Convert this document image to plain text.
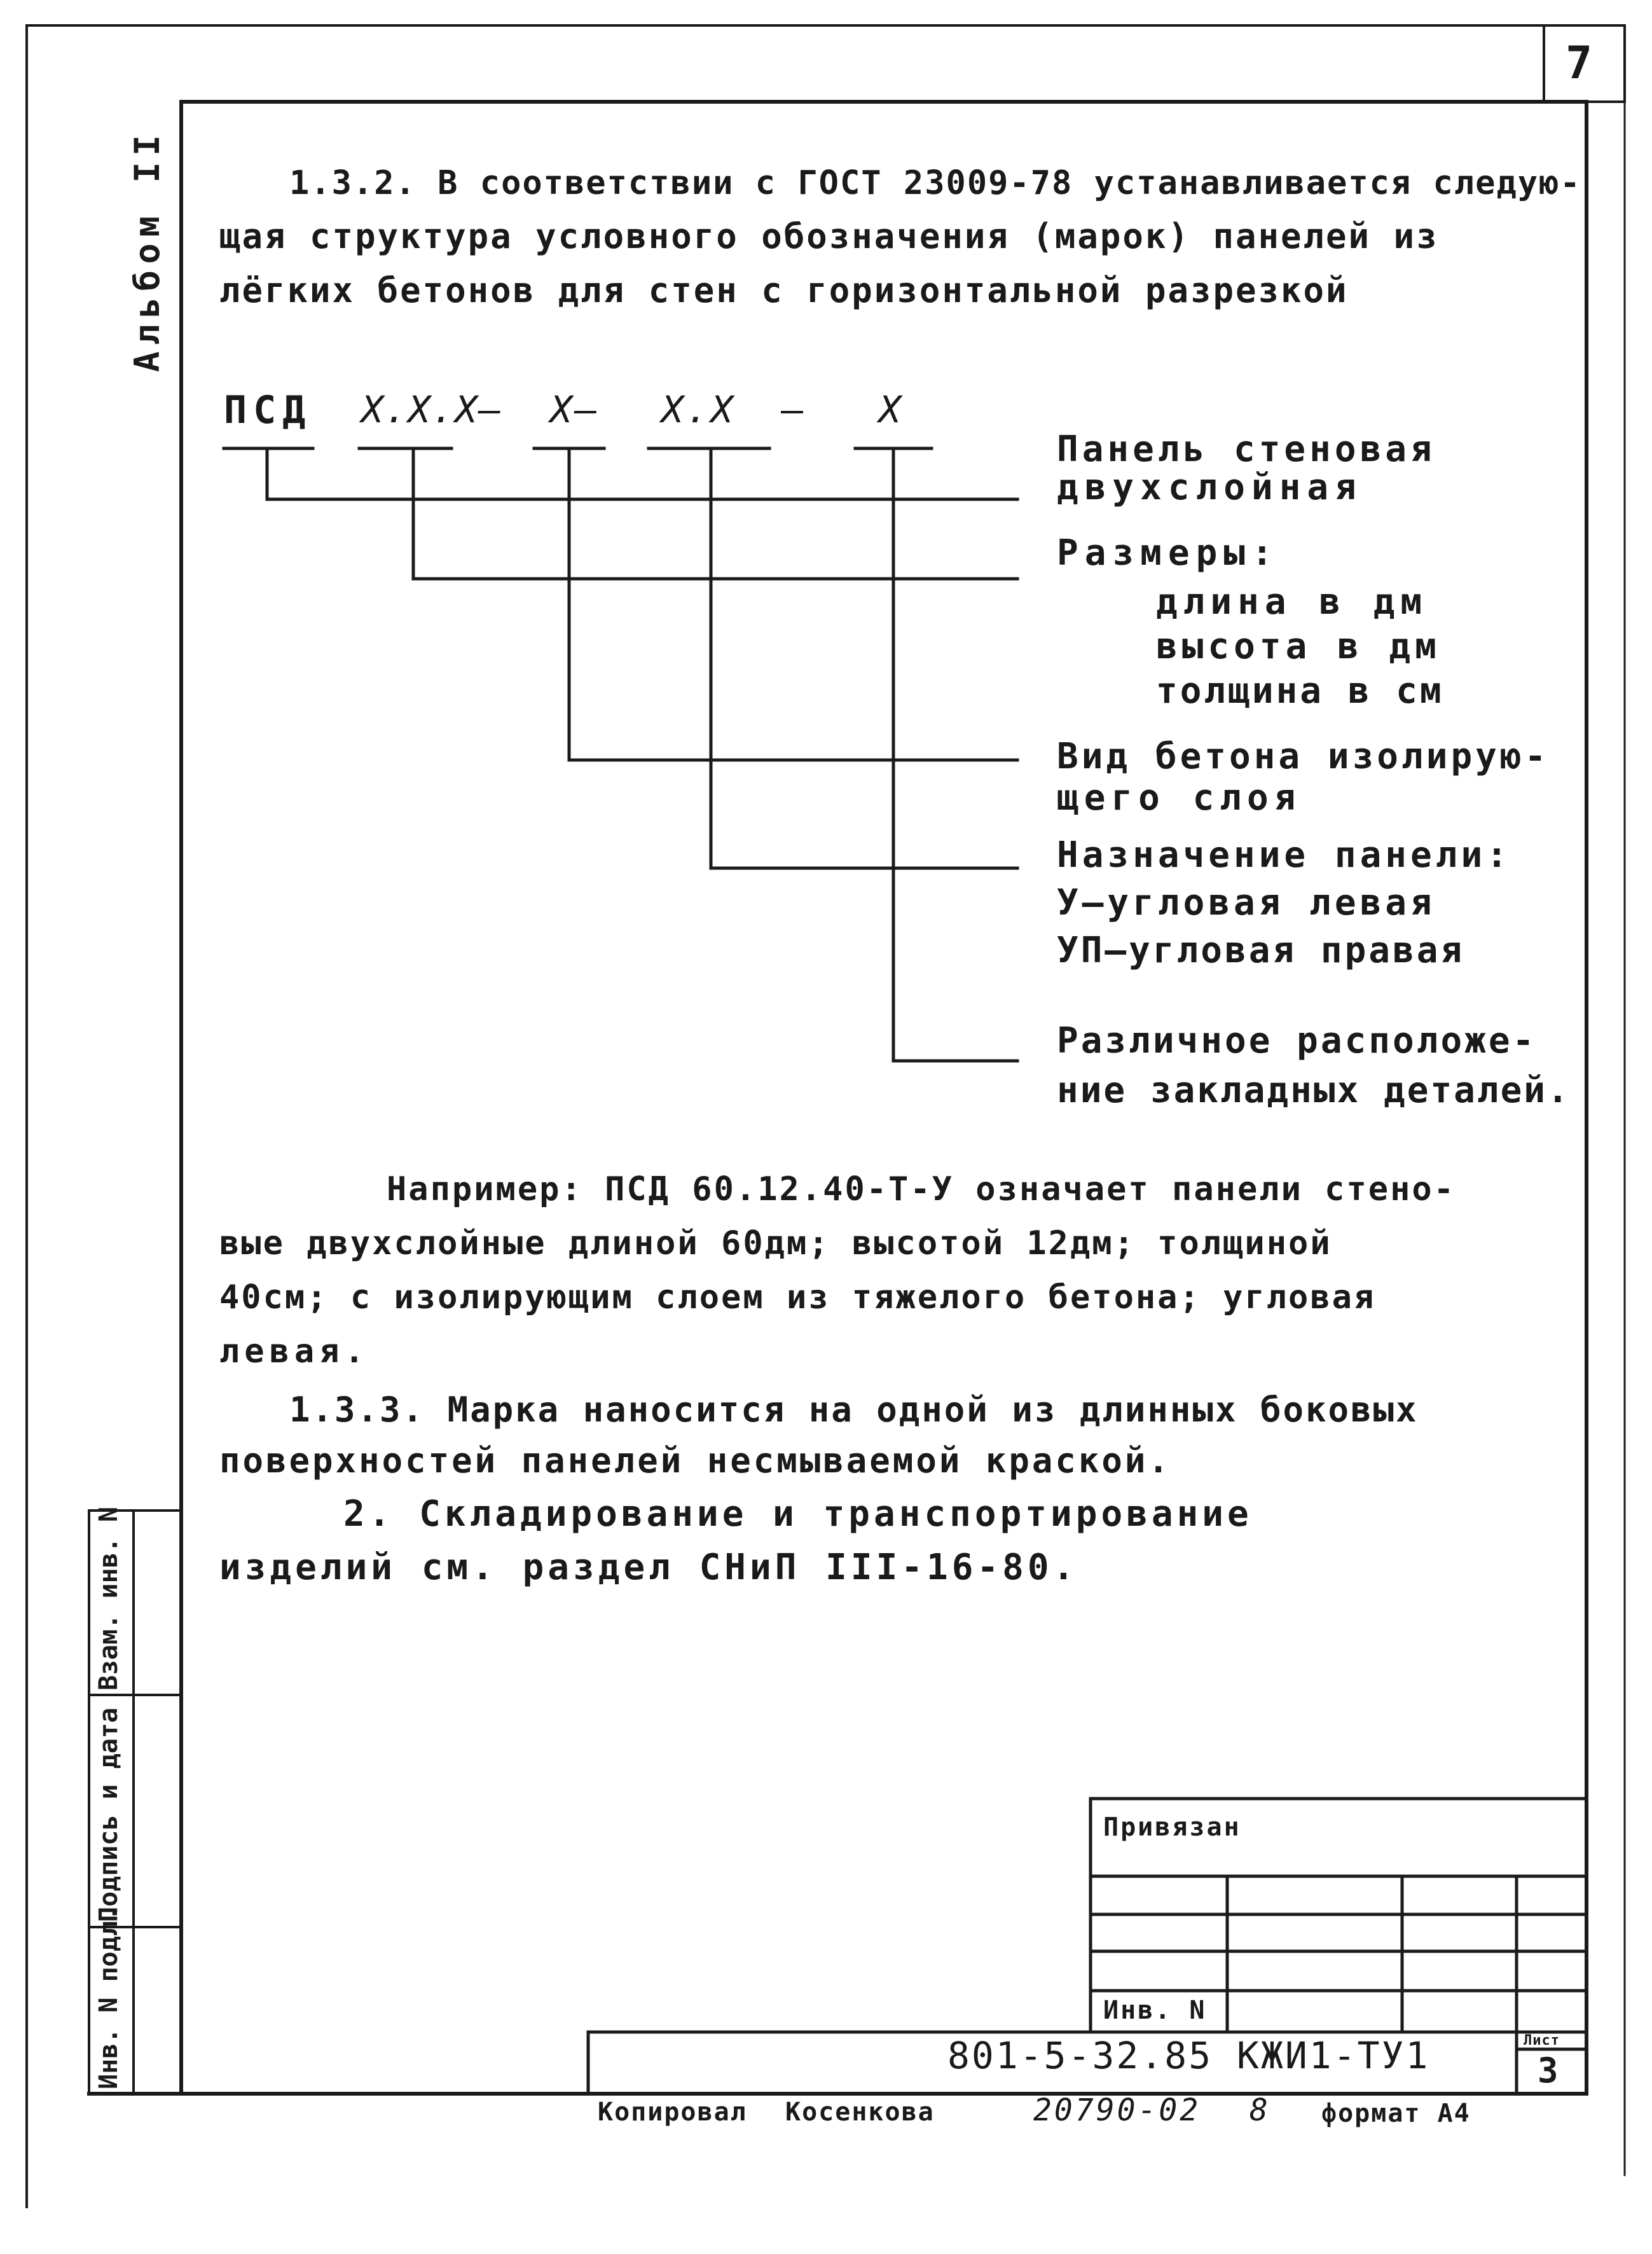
7
Альбом II	1.3.2. В соответствии с ГОСТ 23009-78 устанавливается следую-
щая структура условного обозначения (марок) панелей из
лёгких бетонов для стен с горизонтальной разрезкой
ПСД Х.Х.Х— Х— Х.Х — Х
Панель стеновая
двухслойная
Размеры:
длина в дм
высота в дм
толщина в см
Вид бетона изолирую-
щего слоя
Назначение панели:
У—угловая левая
УП—угловая правая
Различное расположе-
ние закладных деталей.
Например: ПСД 60.12.40-Т-У означает панели стено-
вые двухслойные длиной 60дм; высотой 12дм; толщиной
40см; с изолирующим слоем из тяжелого бетона; угловая
левая.
1.3.3. Марка наносится на одной из длинных боковых
поверхностей панелей несмываемой краской.
2. Складирование и транспортирование
изделий см. раздел СНиП III-16-80.
Инв. N подл.
Подпись и дата
Взам. инв. N
Привязан
Инв. N
801-5-32.85 КЖИ1-ТУ1	Лист
3
Копировал Косенкова	20790-02 8 формат А4
